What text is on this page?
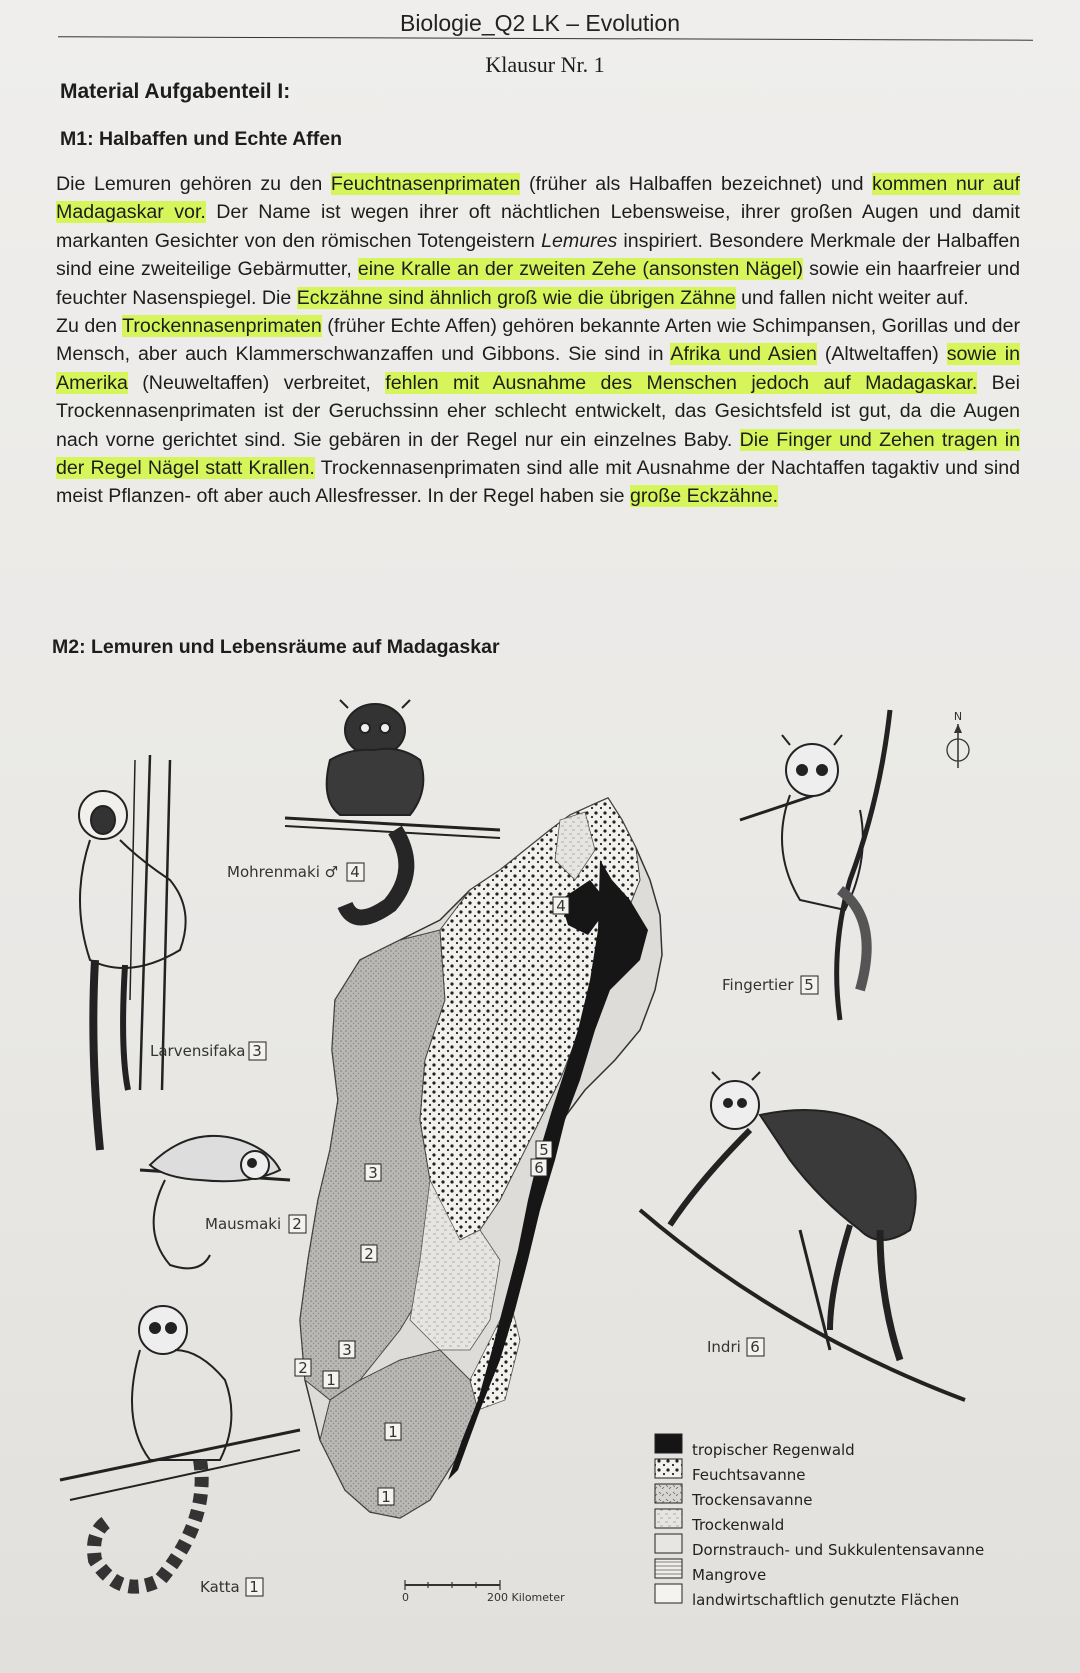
Biologie_Q2 LK – Evolution
Klausur Nr. 1
Material Aufgabenteil I:
M1: Halbaffen und Echte Affen

Die Lemuren gehören zu den Feuchtnasenprimaten (früher als Halbaffen bezeichnet) und kommen nur auf Madagaskar vor. Der Name ist wegen ihrer oft nächtlichen Lebensweise, ihrer großen Augen und damit markanten Gesichter von den römischen Totengeistern Lemures inspiriert. Besondere Merkmale der Halbaffen sind eine zweiteilige Gebärmutter, eine Kralle an der zweiten Zehe (ansonsten Nägel) sowie ein haarfreier und feuchter Nasenspiegel. Die Eckzähne sind ähnlich groß wie die übrigen Zähne und fallen nicht weiter auf.

Zu den Trockennasenprimaten (früher Echte Affen) gehören bekannte Arten wie Schimpansen, Gorillas und der Mensch, aber auch Klammerschwanzaffen und Gibbons. Sie sind in Afrika und Asien (Altweltaffen) sowie in Amerika (Neuweltaffen) verbreitet, fehlen mit Ausnahme des Menschen jedoch auf Madagaskar. Bei Trockennasenprimaten ist der Geruchssinn eher schlecht entwickelt, das Gesichtsfeld ist gut, da die Augen nach vorne gerichtet sind. Sie gebären in der Regel nur ein einzelnes Baby. Die Finger und Zehen tragen in der Regel Nägel statt Krallen. Trockennasenprimaten sind alle mit Ausnahme der Nachtaffen tagaktiv und sind meist Pflanzen- oft aber auch Allesfresser. In der Regel haben sie große Eckzähne.

M2: Lemuren und Lebensräume auf Madagaskar
4
5
6
3
2
3
2
1
1
1
0	200 Kilometer
N
Mohrenmaki ♂ 4
Larvensifaka 3
Mausmaki 2
Katta 1
Fingertier 5
Indri 6
tropischer Regenwald
Feuchtsavanne
Trockensavanne
Trockenwald
Dornstrauch- und Sukkulentensavanne
Mangrove
landwirtschaftlich genutzte Flächen
